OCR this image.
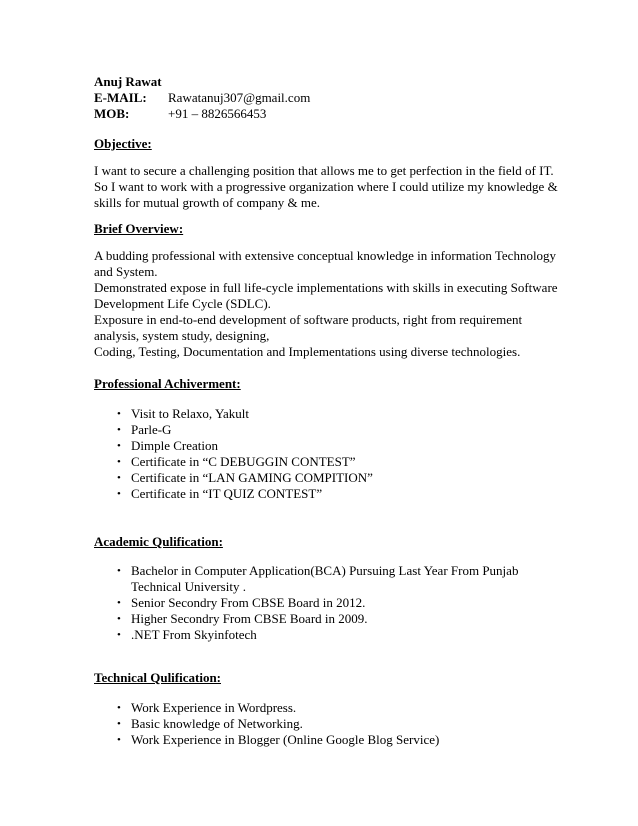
Anuj Rawat
E-MAIL: Rawatanuj307@gmail.com
MOB:	+91 – 8826566453
Objective:

I want to secure a challenging position that allows me to get perfection in the field of IT.

So I want to work with a progressive organization where I could utilize my knowledge &

skills for mutual growth of company & me.

Brief Overview:

A budding professional with extensive conceptual knowledge in information Technology

and System.

Demonstrated expose in full life-cycle implementations with skills in executing Software

Development Life Cycle (SDLC).

Exposure in end-to-end development of software products, right from requirement

analysis, system study, designing,

Coding, Testing, Documentation and Implementations using diverse technologies.

Professional Achiverment:
• Visit to Relaxo, Yakult
• Parle-G
• Dimple Creation
• Certificate in “C DEBUGGIN CONTEST”
• Certificate in “LAN GAMING COMPITION”
• Certificate in “IT QUIZ CONTEST”
Academic Qulification:
• Bachelor in Computer Application(BCA) Pursuing Last Year From Punjab
Technical University .
• Senior Secondry From CBSE Board in 2012.
• Higher Secondry From CBSE Board in 2009.
• .NET From Skyinfotech
Technical Qulification:
• Work Experience in Wordpress.
• Basic knowledge of Networking.
• Work Experience in Blogger (Online Google Blog Service)
